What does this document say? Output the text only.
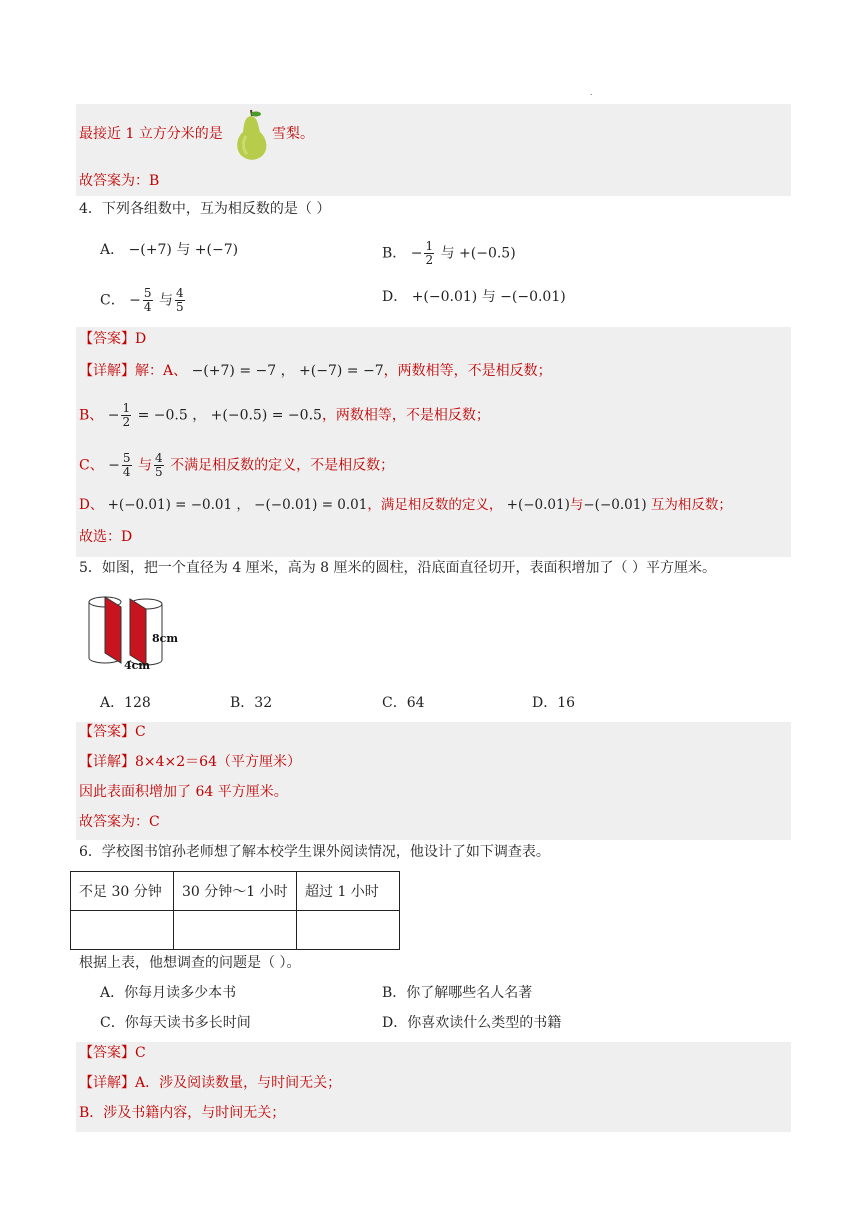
.
最接近 1 立方分米的是	雪梨。
故答案为：B
4．下列各组数中，互为相反数的是（ ）
A． −(+7) 与 +(−7)	B． − $\frac{1}{2}$ 与 +(−0.5)
C． − $\frac{5}{4}$ 与 $\frac{4}{5}$	D． +(−0.01) 与 −(−0.01)
【答案】D
【详解】解：A、 −(+7) = −7 ， +(−7) = −7，两数相等，不是相反数；
B、 − $\frac{1}{2} = -0.5$ ， +(−0.5) = −0.5，两数相等，不是相反数；
C、 − $\frac{5}{4}$ 与 $\frac{4}{5}$ 不满足相反数的定义，不是相反数；
D、 +(−0.01) = −0.01 ， −(−0.01) = 0.01，满足相反数的定义， +(−0.01)与−(−0.01) 互为相反数；
故选：D
5．如图，把一个直径为 4 厘米，高为 8 厘米的圆柱，沿底面直径切开，表面积增加了（ ）平方厘米。
8cm
4cm
A．128	B．32	C．64	D．16
【答案】C
【详解】8×4×2＝64（平方厘米）
因此表面积增加了 64 平方厘米。
故答案为：C
6．学校图书馆孙老师想了解本校学生课外阅读情况，他设计了如下调查表。
不足 30 分钟	30 分钟～1 小时	超过 1 小时

根据上表，他想调查的问题是（ ）。
A．你每月读多少本书	B．你了解哪些名人名著
C．你每天读书多长时间	D．你喜欢读什么类型的书籍
【答案】C
【详解】A．涉及阅读数量，与时间无关；
B．涉及书籍内容，与时间无关；
